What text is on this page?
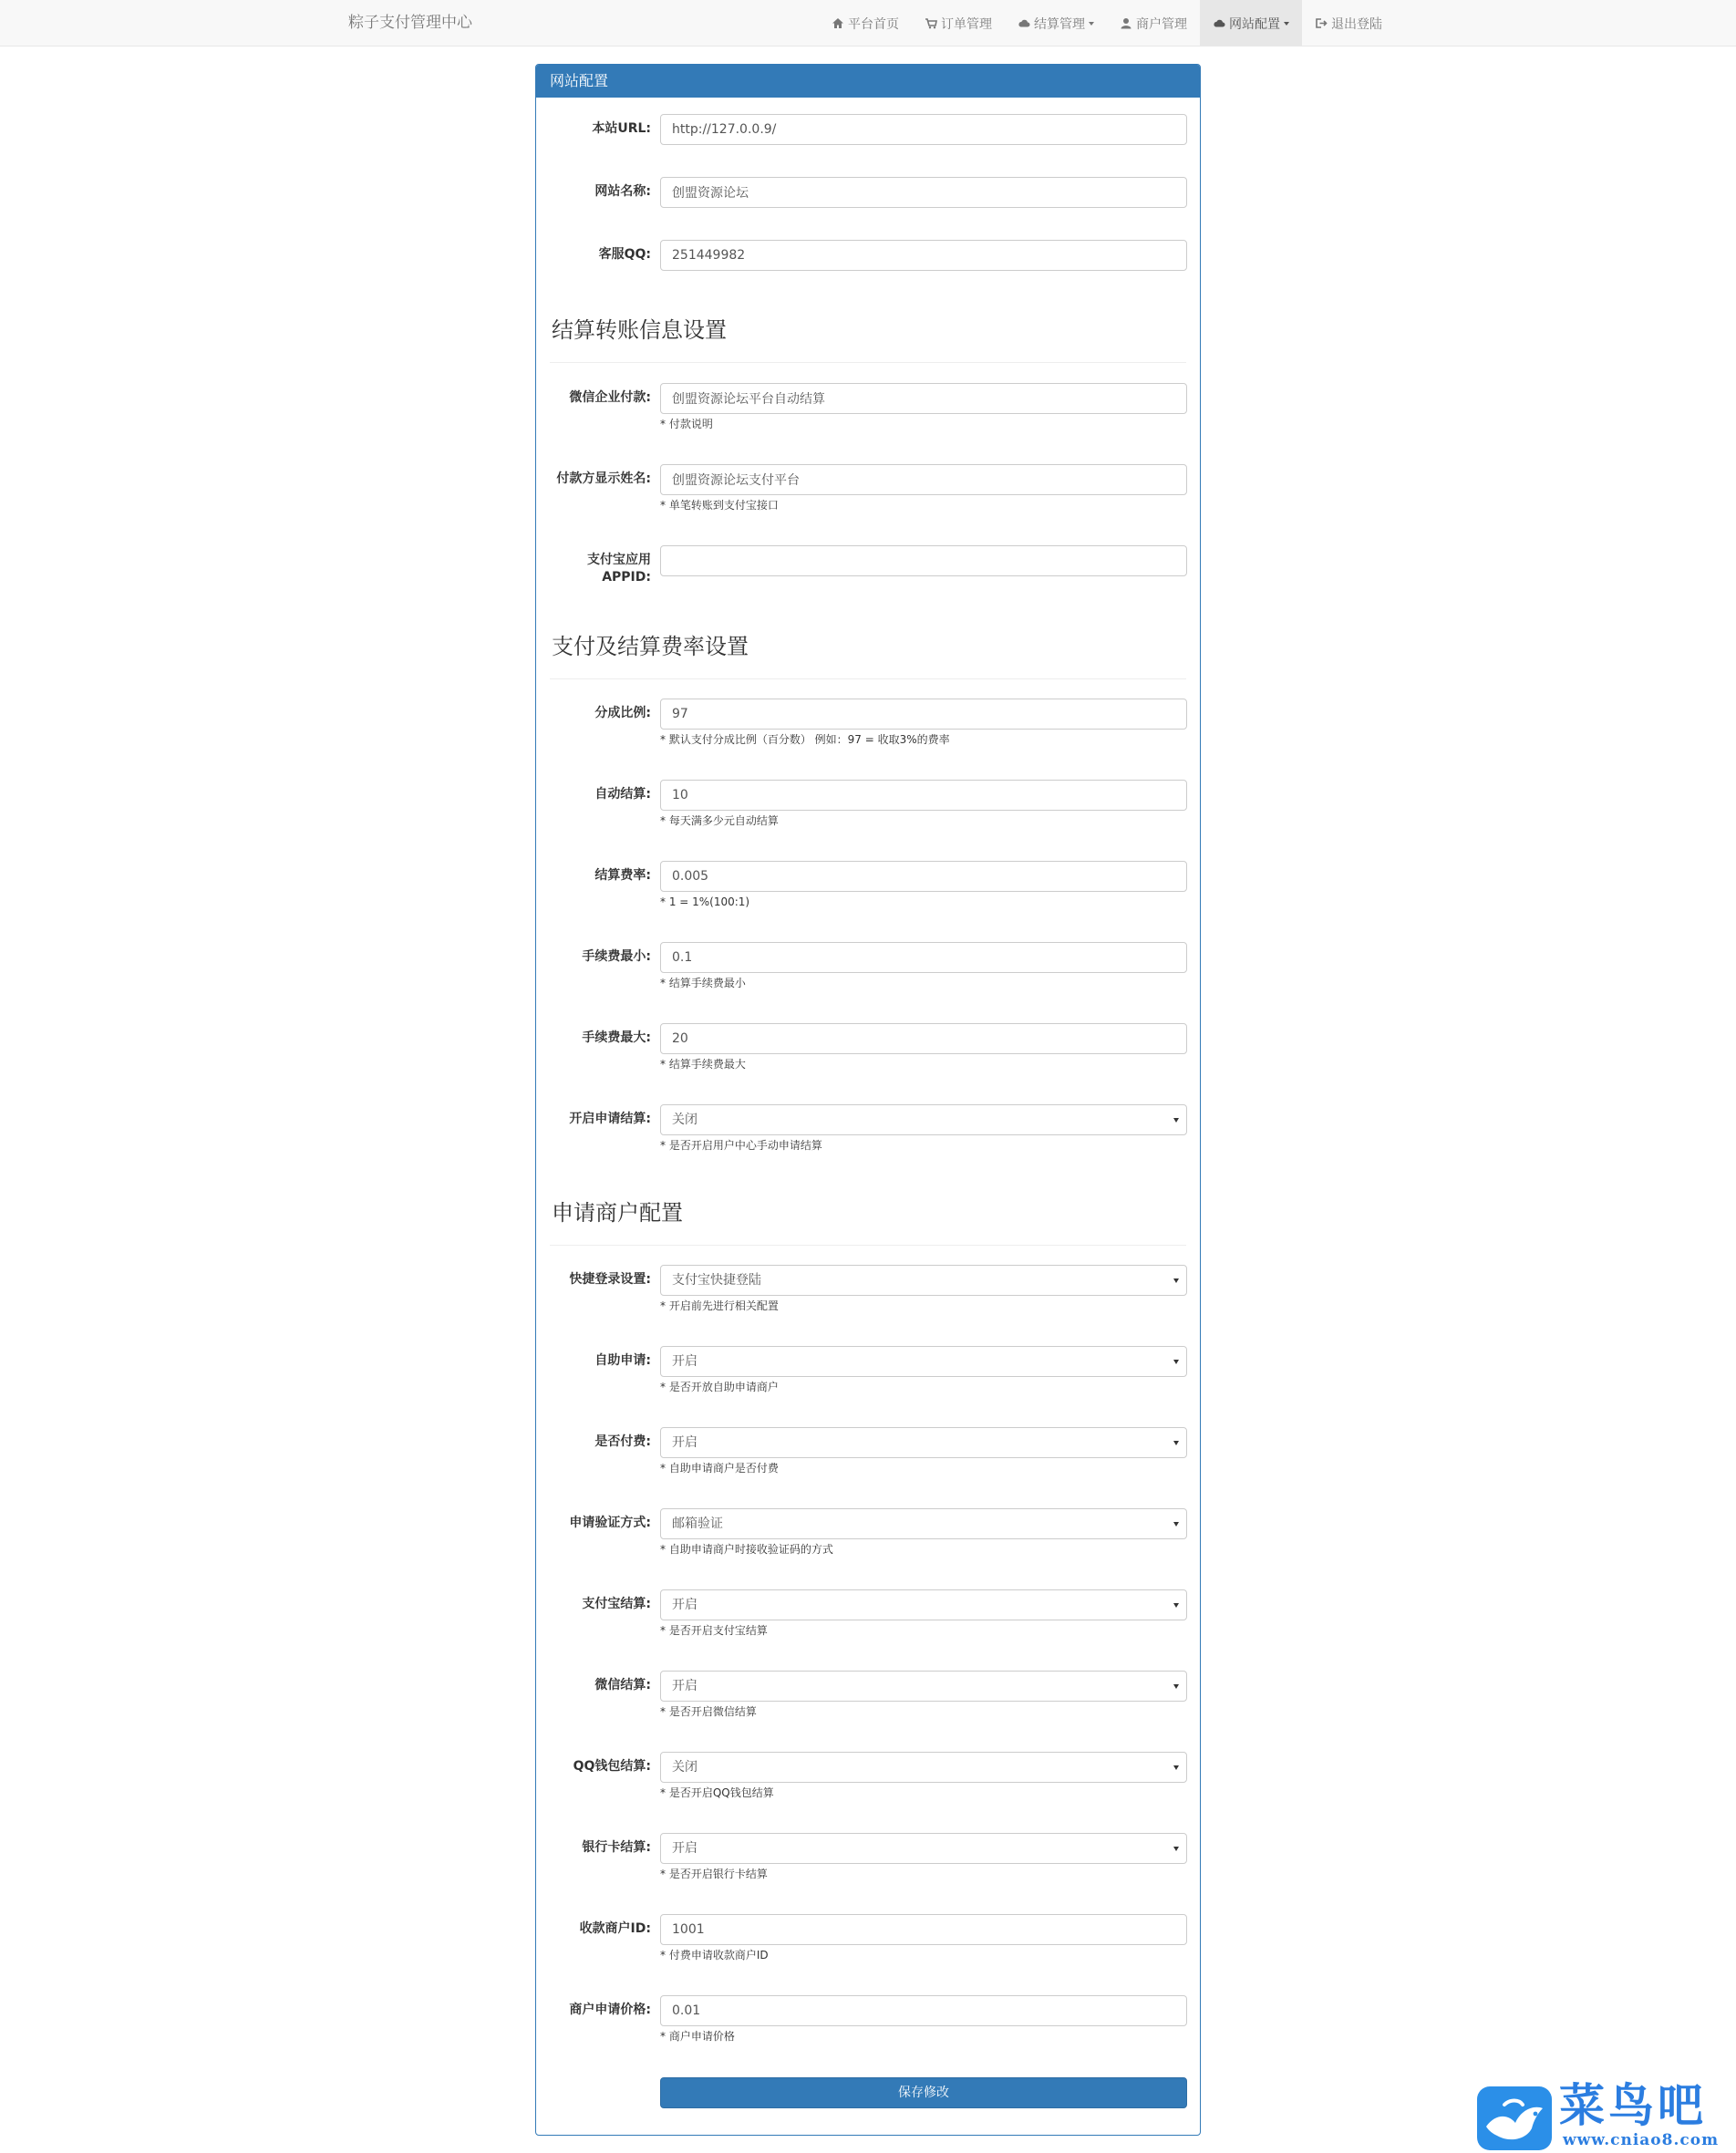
粽子支付管理中心	平台首页	订单管理	结算管理	商户管理	网站配置	退出登陆
网站配置
本站URL:
http://127.0.0.9/
网站名称:
创盟资源论坛
客服QQ:
251449982
结算转账信息设置
微信企业付款:
创盟资源论坛平台自动结算
* 付款说明
付款方显示姓名:
创盟资源论坛支付平台
* 单笔转账到支付宝接口
支付宝应用APPID:
支付及结算费率设置
分成比例:
97
* 默认支付分成比例（百分数） 例如：97 = 收取3%的费率
自动结算:
10
* 每天满多少元自动结算
结算费率:
0.005
* 1 = 1%(100:1)
手续费最小:
0.1
* 结算手续费最小
手续费最大:
20
* 结算手续费最大
开启申请结算:	关闭
* 是否开启用户中心手动申请结算
申请商户配置
快捷登录设置:	支付宝快捷登陆
* 开启前先进行相关配置
自助申请:	开启
* 是否开放自助申请商户
是否付费:	开启
* 自助申请商户是否付费
申请验证方式:	邮箱验证
* 自助申请商户时接收验证码的方式
支付宝结算:	开启
* 是否开启支付宝结算
微信结算:	开启
* 是否开启微信结算
QQ钱包结算:	关闭
* 是否开启QQ钱包结算
银行卡结算:	开启
* 是否开启银行卡结算
收款商户ID:
1001
* 付费申请收款商户ID
商户申请价格:
0.01
* 商户申请价格
保存修改	菜鸟吧
www.cniao8.com
